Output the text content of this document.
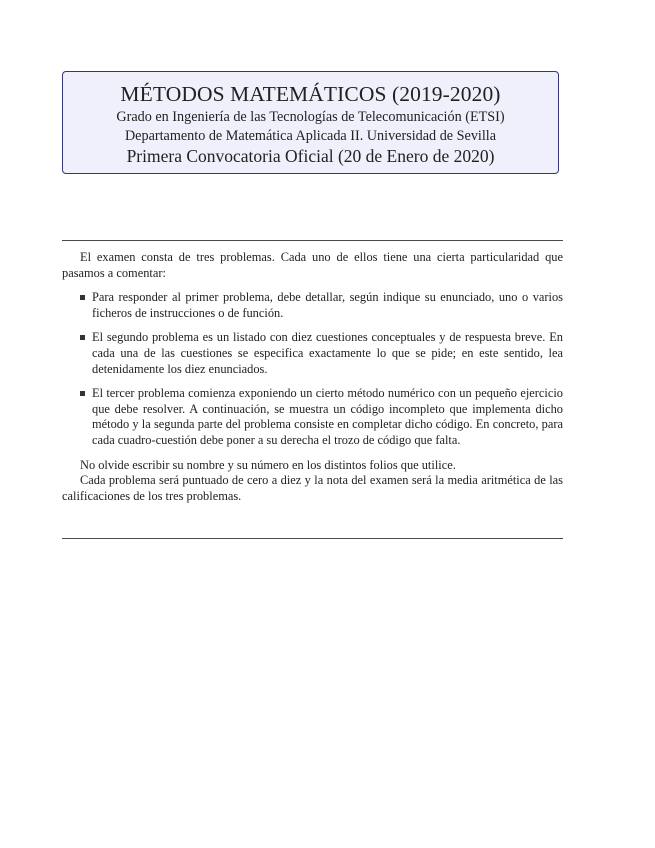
MÉTODOS MATEMÁTICOS (2019-2020)
Grado en Ingeniería de las Tecnologías de Telecomunicación (ETSI)
Departamento de Matemática Aplicada II. Universidad de Sevilla
Primera Convocatoria Oficial (20 de Enero de 2020)

El examen consta de tres problemas. Cada uno de ellos tiene una cierta particularidad que pasamos a comentar:

Para responder al primer problema, debe detallar, según indique su enunciado, uno o varios ficheros de instrucciones o de función.
El segundo problema es un listado con diez cuestiones conceptuales y de respuesta breve. En cada una de las cuestiones se especifica exactamente lo que se pide; en este sentido, lea detenidamente los diez enunciados.
El tercer problema comienza exponiendo un cierto método numérico con un pequeño ejercicio que debe resolver. A continuación, se muestra un código incompleto que implementa dicho método y la segunda parte del problema consiste en completar dicho código. En concreto, para cada cuadro-cuestión debe poner a su derecha el trozo de código que falta.

No olvide escribir su nombre y su número en los distintos folios que utilice.

Cada problema será puntuado de cero a diez y la nota del examen será la media aritmética de las calificaciones de los tres problemas.
